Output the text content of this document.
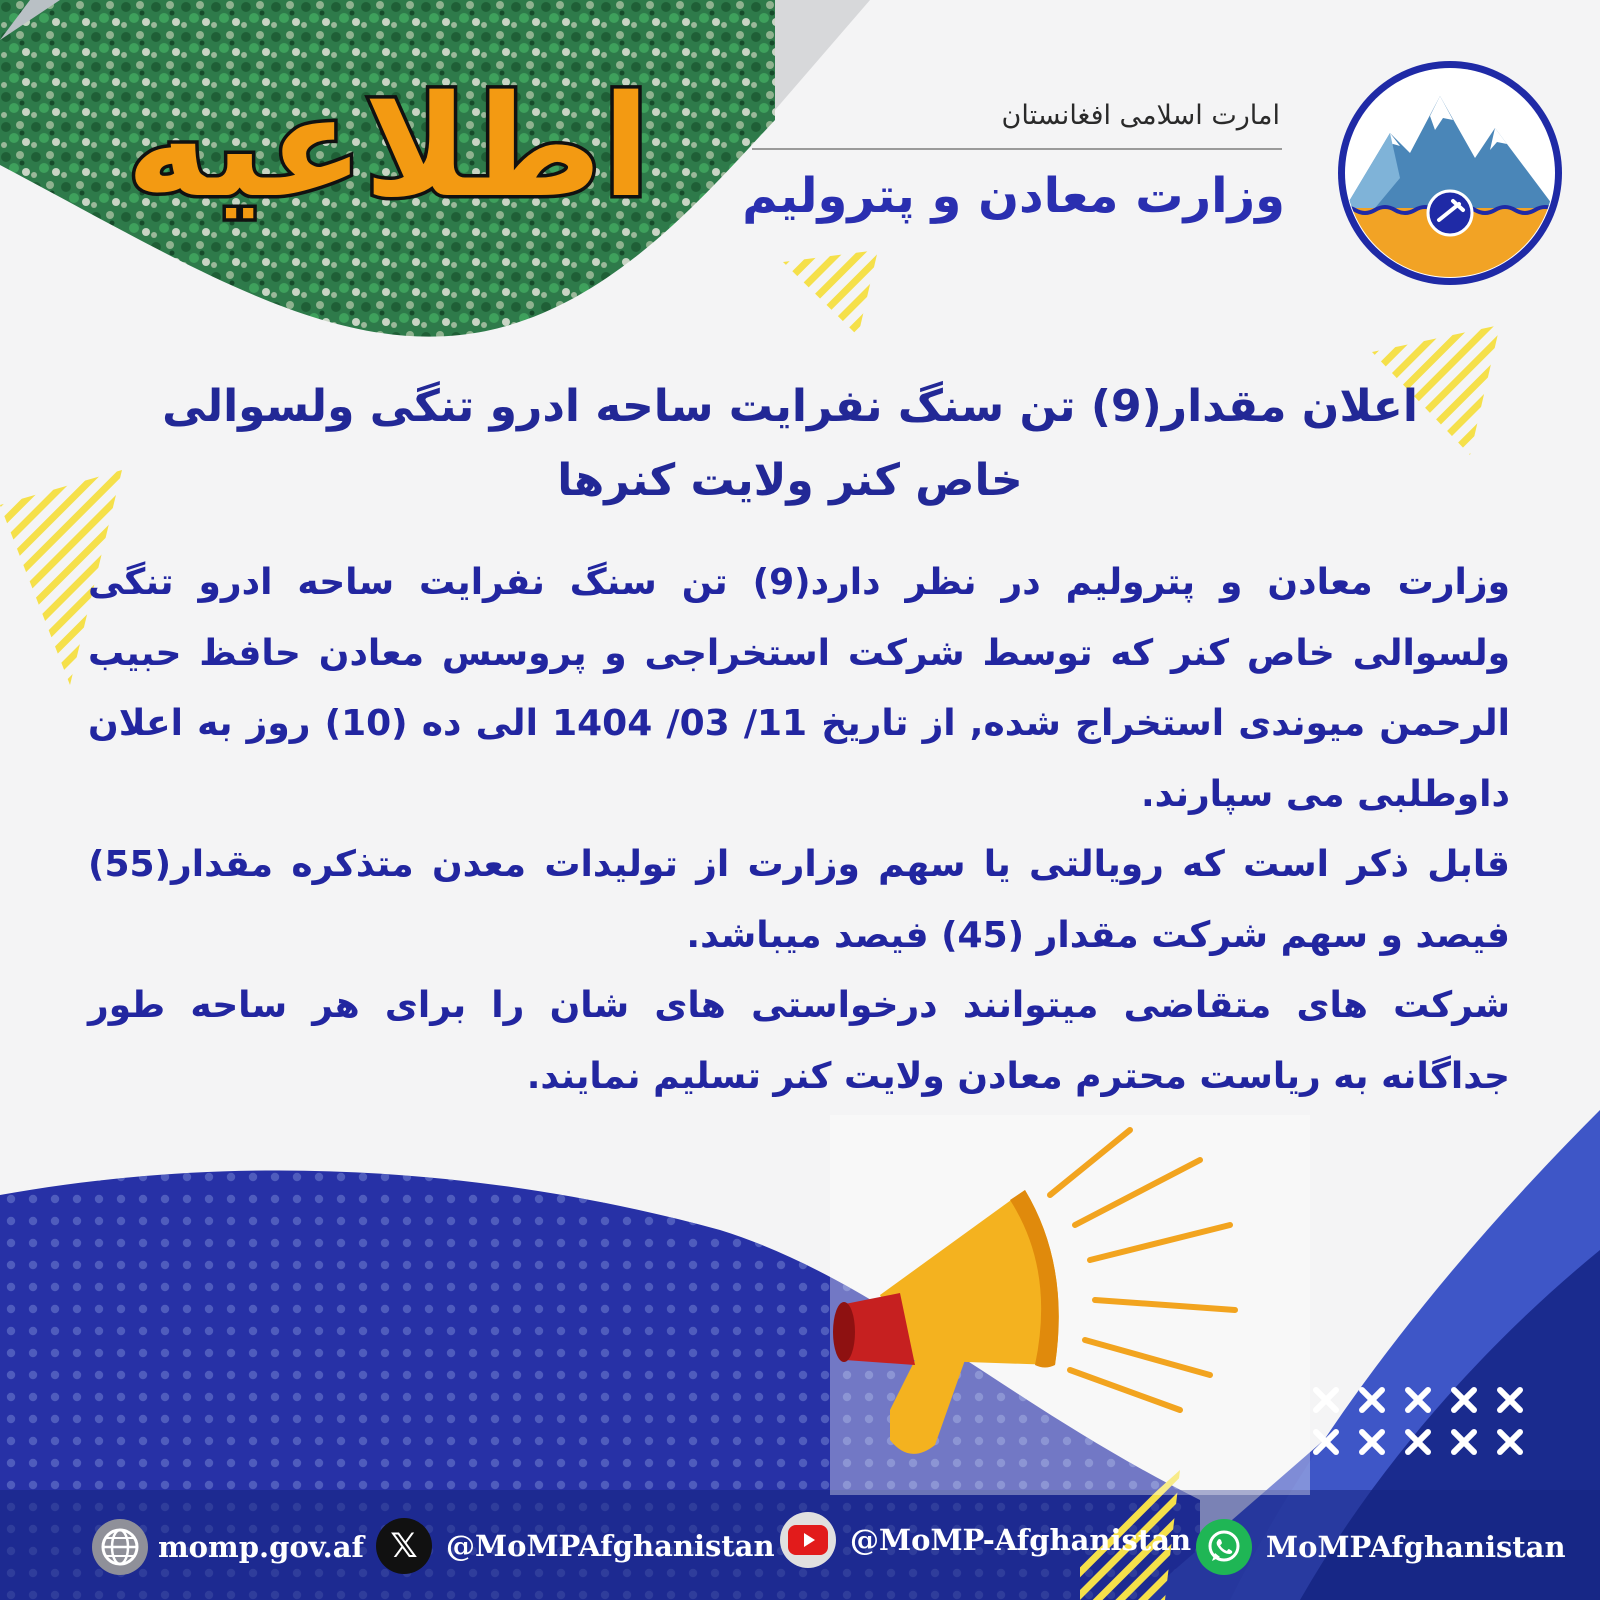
امارت اسلامی افغانستان
وزارت معادن و پترولیم
اطلاعیه
اعلان مقدار(9) تن سنگ نفرایت ساحه ادرو تنگی ولسوالی
خاص کنر ولایت کنرها

وزارت معادن و پترولیم در نظر دارد(9) تن سنگ نفرایت ساحه ادرو تنگی ولسوالی خاص کنر که توسط شرکت استخراجی و پروسس معادن حافظ حبیب الرحمن میوندی استخراج شده, از تاریخ 11/ 03/ 1404 الی ده (10) روز به اعلان داوطلبی می سپارند.

قابل ذکر است که رویالتی یا سهم وزارت از تولیدات معدن متذکره مقدار(55) فیصد و سهم شرکت مقدار (45) فیصد میباشد.

شرکت های متقاضی میتوانند درخواستی های شان را برای هر ساحه طور جداگانه به ریاست محترم معادن ولایت کنر تسلیم نمایند.

momp.gov.af 𝕏 @MoMPAfghanistan	@MoMP-Afghanistan	MoMPAfghanistan
